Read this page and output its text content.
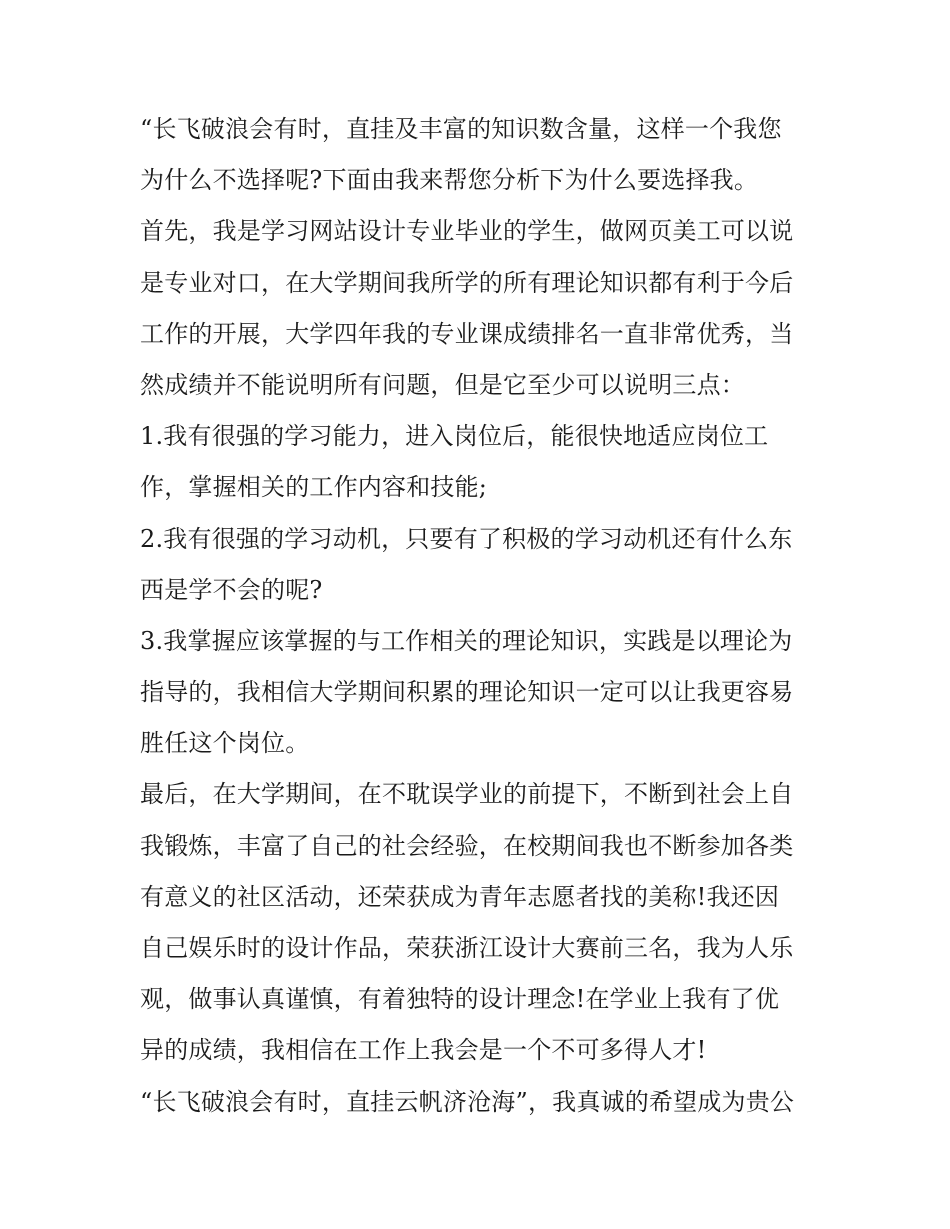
“长飞破浪会有时，直挂及丰富的知识数含量，这样一个我您
为什么不选择呢?下面由我来帮您分析下为什么要选择我。
首先，我是学习网站设计专业毕业的学生，做网页美工可以说
是专业对口，在大学期间我所学的所有理论知识都有利于今后
工作的开展，大学四年我的专业课成绩排名一直非常优秀，当
然成绩并不能说明所有问题，但是它至少可以说明三点：
1.我有很强的学习能力，进入岗位后，能很快地适应岗位工
作，掌握相关的工作内容和技能;
2.我有很强的学习动机，只要有了积极的学习动机还有什么东
西是学不会的呢?
3.我掌握应该掌握的与工作相关的理论知识，实践是以理论为
指导的，我相信大学期间积累的理论知识一定可以让我更容易
胜任这个岗位。
最后，在大学期间，在不耽误学业的前提下，不断到社会上自
我锻炼，丰富了自己的社会经验，在校期间我也不断参加各类
有意义的社区活动，还荣获成为青年志愿者找的美称!我还因
自己娱乐时的设计作品，荣获浙江设计大赛前三名，我为人乐
观，做事认真谨慎，有着独特的设计理念!在学业上我有了优
异的成绩，我相信在工作上我会是一个不可多得人才!
“长飞破浪会有时，直挂云帆济沧海”，我真诚的希望成为贵公
